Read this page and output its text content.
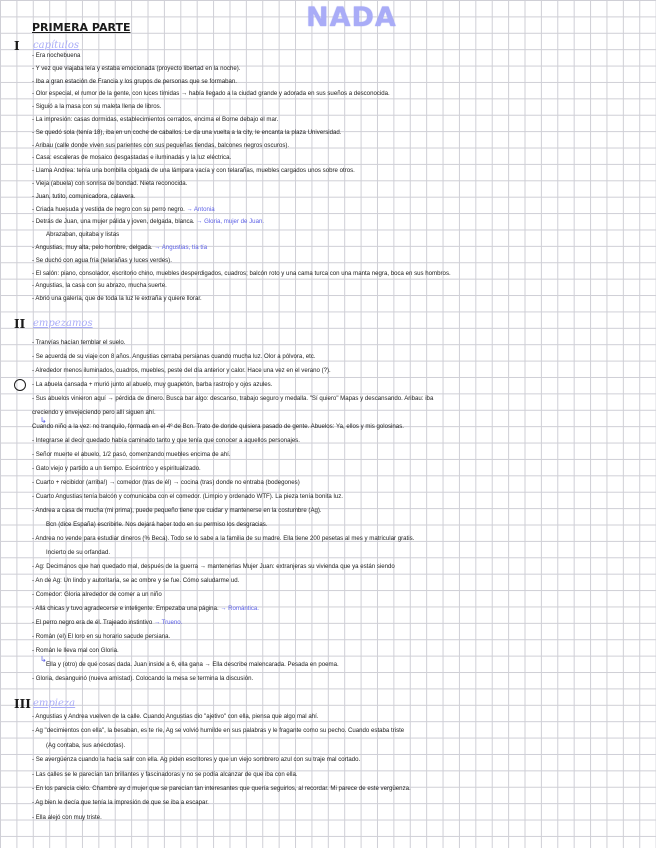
NADA
PRIMERA PARTE
I capítulos
- Era nochebuena
- Y vez que viajaba leía y estaba emocionada (proyecto libertad en la noche).
- Iba a gran estación de Francia y los grupos de personas que se formaban.
- Olor especial, el rumor de la gente, con luces tímidas → había llegado a la ciudad grande y adorada en sus sueños a desconocida.
- Siguió a la masa con su maleta llena de libros.
- La impresión: casas dormidas, establecimientos cerrados, encima el Borne debajo el mar.
- Se quedó sola (tenía 18), iba en un coche de caballos. Le da una vuelta a la city, le encanta la plaza Universidad.
- Aribau (calle donde viven sus parientes con sus pequeñas tiendas, balcones negros oscuros).
- Casa: escaleras de mosaico desgastadas e iluminadas y la luz eléctrica.
- Llama Andrea: tenía una bombilla colgada de una lámpara vacía y con telarañas, muebles cargados unos sobre otros.
- Vieja (abuela) con sonrisa de bondad. Nieta reconocida.
- Juan, tutito, comunicadora, calavera.
- Criada huesuda y vestida de negro con su perro negro. → Antonia
- Detrás de Juan, una mujer pálida y joven, delgada, blanca. → Gloria, mujer de Juan.
Abrazaban, quitaba y listas
- Angustias, muy alta, pelo hombre, delgada. → Angustias, tía tía
- Se duchó con agua fría (telarañas y luces verdes).
- El salón: piano, consolador, escritorio chino, muebles desperdigados, cuadros; balcón roto y una cama turca con una manta negra, boca en sus hombros.
- Angustias, la casa con su abrazo, mucha suerte.
- Abrió una galería, que de toda la luz le extraña y quiere llorar.
II empezamos
- Tranvías hacían temblar el suelo.
- Se acuerda de su viaje con 8 años. Angustias cerraba persianas cuando mucha luz. Olor a pólvora, etc.
- Alrededor menos iluminados, cuadros, muebles, peste del día anterior y calor. Hace una vez en el verano (?).
- La abuela cansada + murió junto al abuelo, muy guapetón, barba rastrojo y ojos azules.
- Sus abuelos vinieron aquí → pérdida de dinero. Busca bar algo: descanso, trabajo seguro y medalla. "Sí quiero" Mapas y descansando. Aribau: iba
creciendo y envejeciendo pero allí siguen ahí.
Cuando niño a la vez: no tranquilo, formada en el 4º de Bcn. Trato de donde quisiera pasado de gente. Abuelos: Ya, ellos y mis golosinas.
- Integrarse al decir quedado había caminado tanto y que tenía que conocer a aquellos personajes.
- Señor muerte el abuelo, 1/2 pasó, comenzando muebles encima de ahí.
- Gato viejo y partido a un tiempo. Escéntrico y espiritualizado.
- Cuarto + recibidor (arriba!) → comedor (tras de él) → cocina (tras) donde no entraba (bodegones)
- Cuarto Angustias tenía balcón y comunicaba con el comedor. (Limpio y ordenado WTF). La pieza tenía bonita luz.
- Andrea a casa de mucha (mi prima), puede pequeño tiene que cuidar y mantenerse en la costumbre (Ag).
Bcn (dice España) escribirle. Nos dejará hacer todo en su permiso los desgracias.
- Andrea no vende para estudiar dineros (% Beca). Todo se lo sabe a la familia de su madre. Ella tiene 200 pesetas al mes y matricular gratis.
Incierto de su orfandad.
- Ag: Decimanos que han quedado mal, después de la guerra → mantenerlas Mujer Juan: extranjeras su vivienda que ya están siendo
- An de Ag: Un lindo y autoritaria, se ac ombre y se fue. Cómo saludarme ud.
- Comedor: Gloria alrededor de comer a un niño
- Allá chicas y tuvo agradecerse e inteligente. Empezaba una página. → Romántica.
- El perro negro era de él. Trajeado instintivo → Trueno.
- Román (el) El loro en su horario sacude persiana.
- Román le lleva mal con Gloria.
Ella y (otro) de qué cosas dada. Juan inside a 6, ella gana → Ella describe malencarada. Pesada en poema.
- Gloria, desanguinó (nueva amistad). Colocando la mesa se termina la discusión.
III empieza
- Angustias y Andrea vuelven de la calle. Cuando Angustias dio "ajetivo" con ella, piensa que algo mal ahí.
- Ag "decimientos con ella", la besaban, es te ríe, Ag se volvió humilde en sus palabras y le fragante como su pecho. Cuando estaba triste
(Ag contaba, sus anécdotas).
- Se avergüenza cuando la hacía salir con ella. Ag piden escritores y que un viejo sombrero azul con su traje mal cortado.
- Las calles se le parecían tan brillantes y fascinadoras y no se podía alcanzar de que iba con ella.
- En los parecía cielo. Chambre ay d mujer que se parecían tan interesantes que quería seguirlos, al recordar. Mi parece de este vergüenza.
- Ag bien le decía que tenía la impresión de que se iba a escapar.
- Ella alejó con muy triste.
↳
↳
